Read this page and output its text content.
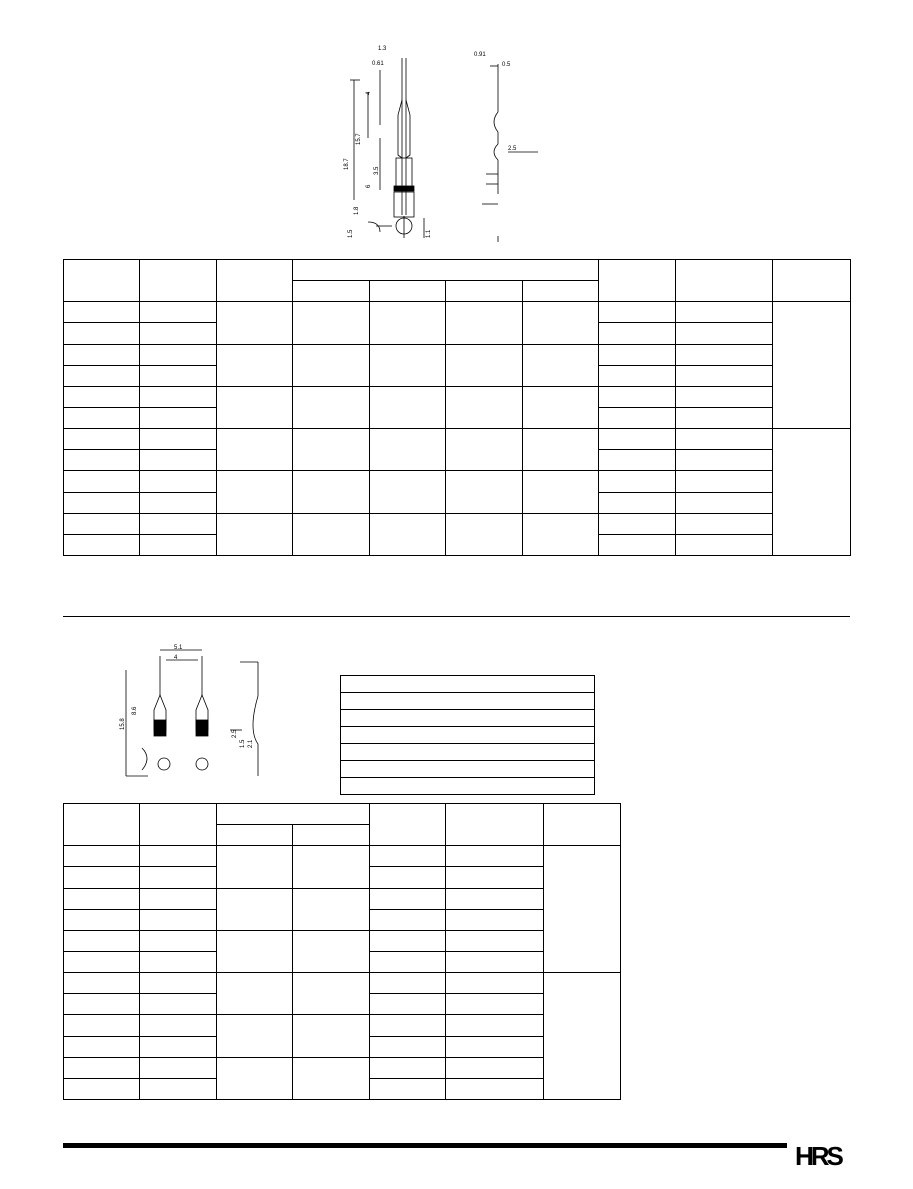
1.3
0.61
4
15.7
18.7
3.5
6
1.8
1.5	1.1
0.91
0.5
2.5

5.1
4
15.8
8.6
2.5
1.5 2.1

HRS
